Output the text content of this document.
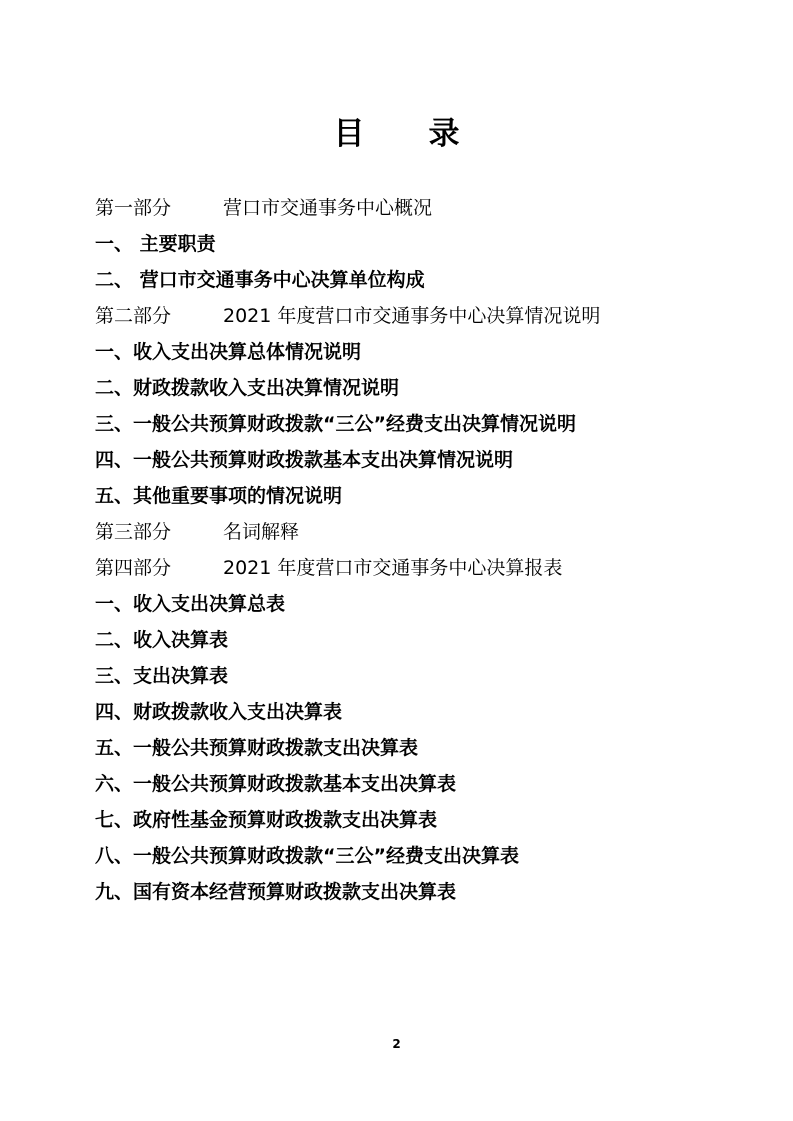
目 录
第一部分	营口市交通事务中心概况
一、 主要职责
二、 营口市交通事务中心决算单位构成
第二部分	2021 年度营口市交通事务中心决算情况说明
一、收入支出决算总体情况说明
二、财政拨款收入支出决算情况说明
三、一般公共预算财政拨款“三公”经费支出决算情况说明
四、一般公共预算财政拨款基本支出决算情况说明
五、其他重要事项的情况说明
第三部分	名词解释
第四部分	2021 年度营口市交通事务中心决算报表
一、收入支出决算总表
二、收入决算表
三、支出决算表
四、财政拨款收入支出决算表
五、一般公共预算财政拨款支出决算表
六、一般公共预算财政拨款基本支出决算表
七、政府性基金预算财政拨款支出决算表
八、一般公共预算财政拨款“三公”经费支出决算表
九、国有资本经营预算财政拨款支出决算表
2
